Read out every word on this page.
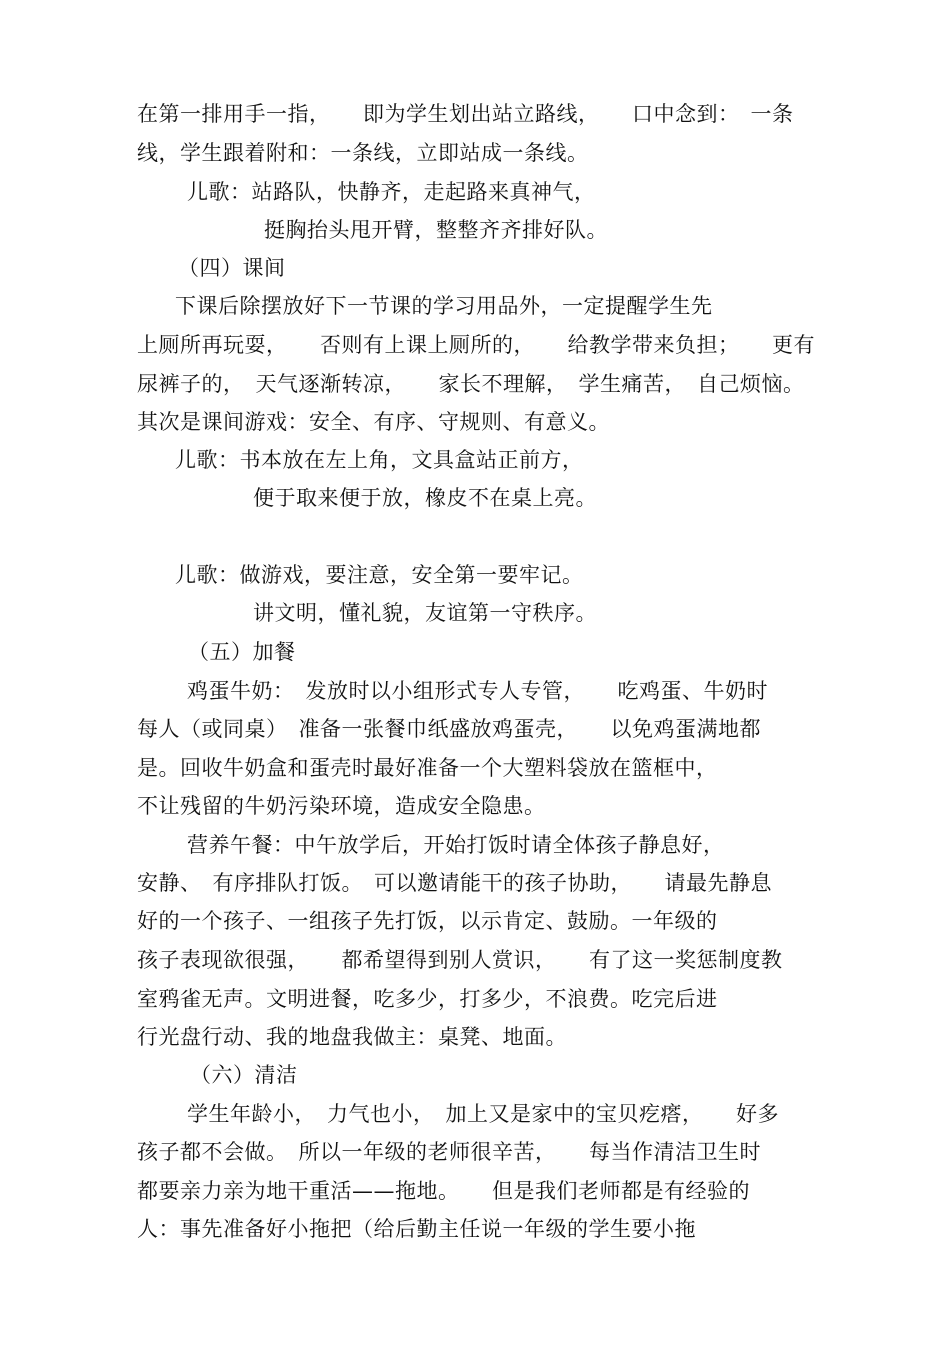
在第一排用手一指，　　即为学生划出站立路线，　　口中念到：　一条
线，学生跟着附和：一条线，立即站成一条线。
儿歌：站路队，快静齐，走起路来真神气，
挺胸抬头甩开臂，整整齐齐排好队。
（四）课间
下课后除摆放好下一节课的学习用品外，一定提醒学生先
上厕所再玩耍，　　否则有上课上厕所的，　　给教学带来负担；　　更有
尿裤子的，　天气逐渐转凉，　　家长不理解，　学生痛苦，　自己烦恼。
其次是课间游戏：安全、有序、守规则、有意义。
儿歌：书本放在左上角，文具盒站正前方，
便于取来便于放，橡皮不在桌上亮。
儿歌：做游戏，要注意，安全第一要牢记。
讲文明，懂礼貌，友谊第一守秩序。
（五）加餐
鸡蛋牛奶：　发放时以小组形式专人专管，　　吃鸡蛋、牛奶时
每人（或同桌）　准备一张餐巾纸盛放鸡蛋壳，　　以免鸡蛋满地都
是。回收牛奶盒和蛋壳时最好准备一个大塑料袋放在篮框中，
不让残留的牛奶污染环境，造成安全隐患。
营养午餐：中午放学后，开始打饭时请全体孩子静息好，
安静、　有序排队打饭。　可以邀请能干的孩子协助，　　请最先静息
好的一个孩子、一组孩子先打饭，以示肯定、鼓励。一年级的
孩子表现欲很强，　　都希望得到别人赏识，　　有了这一奖惩制度教
室鸦雀无声。文明进餐，吃多少，打多少，不浪费。吃完后进
行光盘行动、我的地盘我做主：桌凳、地面。
（六）清洁
学生年龄小，　力气也小，　加上又是家中的宝贝疙瘩，　　好多
孩子都不会做。　所以一年级的老师很辛苦，　　每当作清洁卫生时
都要亲力亲为地干重活——拖地。　　但是我们老师都是有经验的
人：事先准备好小拖把（给后勤主任说一年级的学生要小拖
